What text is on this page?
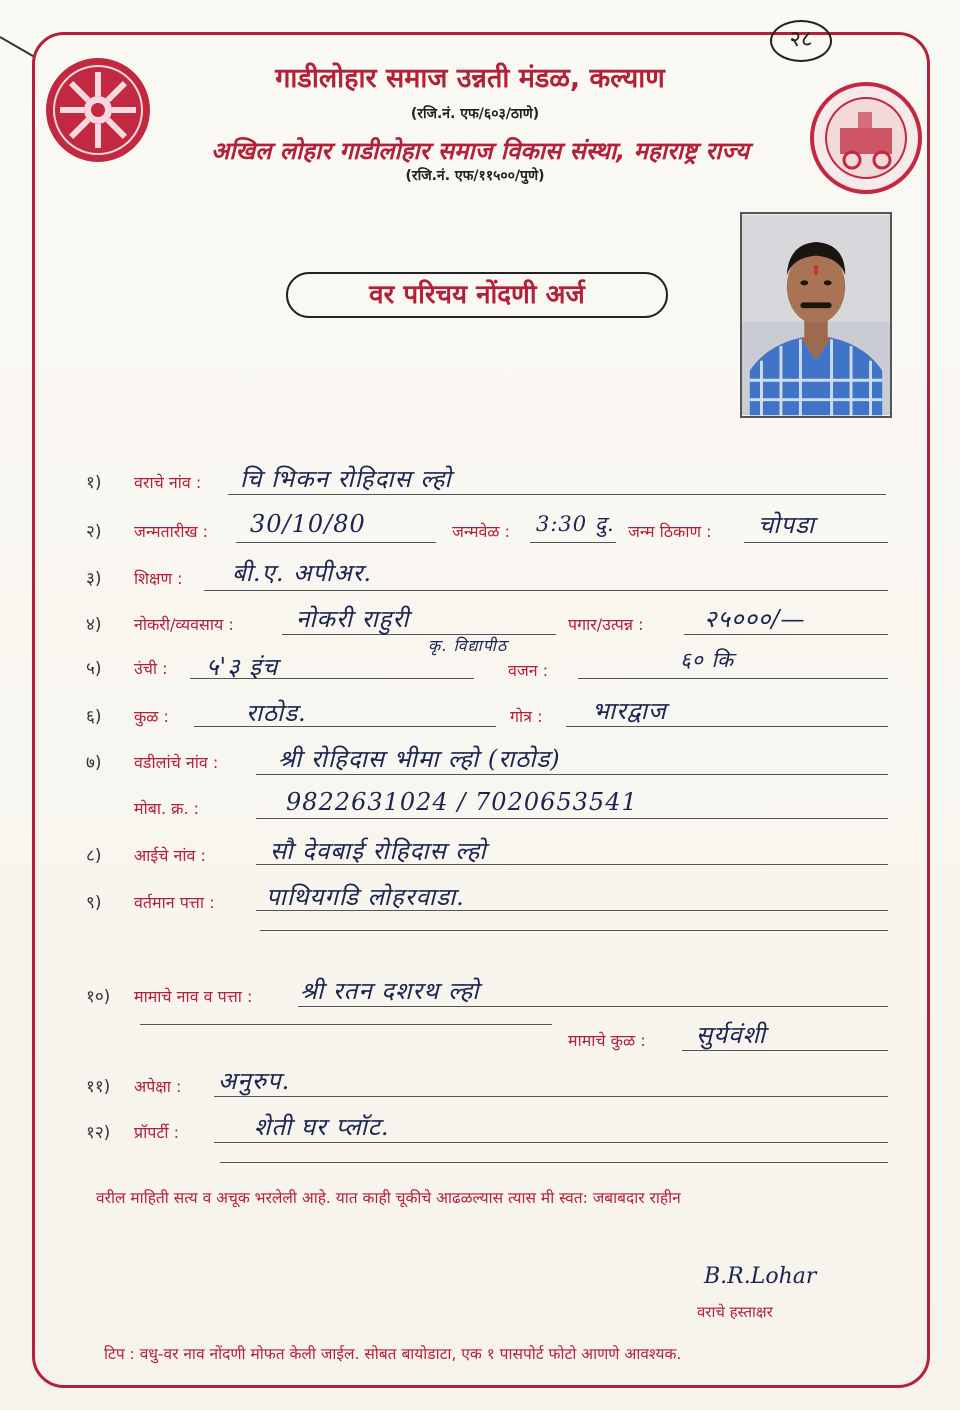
२८
गाडीलोहार समाज उन्नती मंडळ, कल्याण
(रजि.नं. एफ/६०३/ठाणे)
अखिल लोहार गाडीलोहार समाज विकास संस्था, महाराष्ट्र राज्य
(रजि.नं. एफ/११५००/पुणे)
वर परिचय नोंदणी अर्ज
१) वराचे नांव : चि भिकन रोहिदास ल्हो
२) जन्मतारीख : 30/10/80	जन्मवेळ : 3:30 दु. जन्म ठिकाण : चोपडा
३) शिक्षण : बी.ए. अपीअर.
४) नोकरी/व्यवसाय :	नोकरी राहुरी
कृ. विद्यापीठ
पगार/उत्पन्न :	२५०००/—
५) उंची : ५'३ इंच	वजन :	६० कि
६) कुळ :	राठोड.	गोत्र : भारद्वाज
७) वडीलांचे नांव : श्री रोहिदास भीमा ल्हो (राठोड)
मोबा. क्र. :	9822631024 / 7020653541
८) आईचे नांव :	सौ देवबाई रोहिदास ल्हो
९) वर्तमान पत्ता : पाथियगडि लोहरवाडा.
१०) मामाचे नाव व पत्ता : श्री रतन दशरथ ल्हो
मामाचे कुळ : सुर्यवंशी
११) अपेक्षा : अनुरुप.
१२) प्रॉपर्टी :	शेती घर प्लॉट.
वरील माहिती सत्य व अचूक भरलेली आहे. यात काही चूकीचे आढळल्यास त्यास मी स्वत: जबाबदार राहीन
B.R.Lohar
वराचे हस्ताक्षर
टिप : वधु-वर नाव नोंदणी मोफत केली जाईल. सोबत बायोडाटा, एक १ पासपोर्ट फोटो आणणे आवश्यक.
